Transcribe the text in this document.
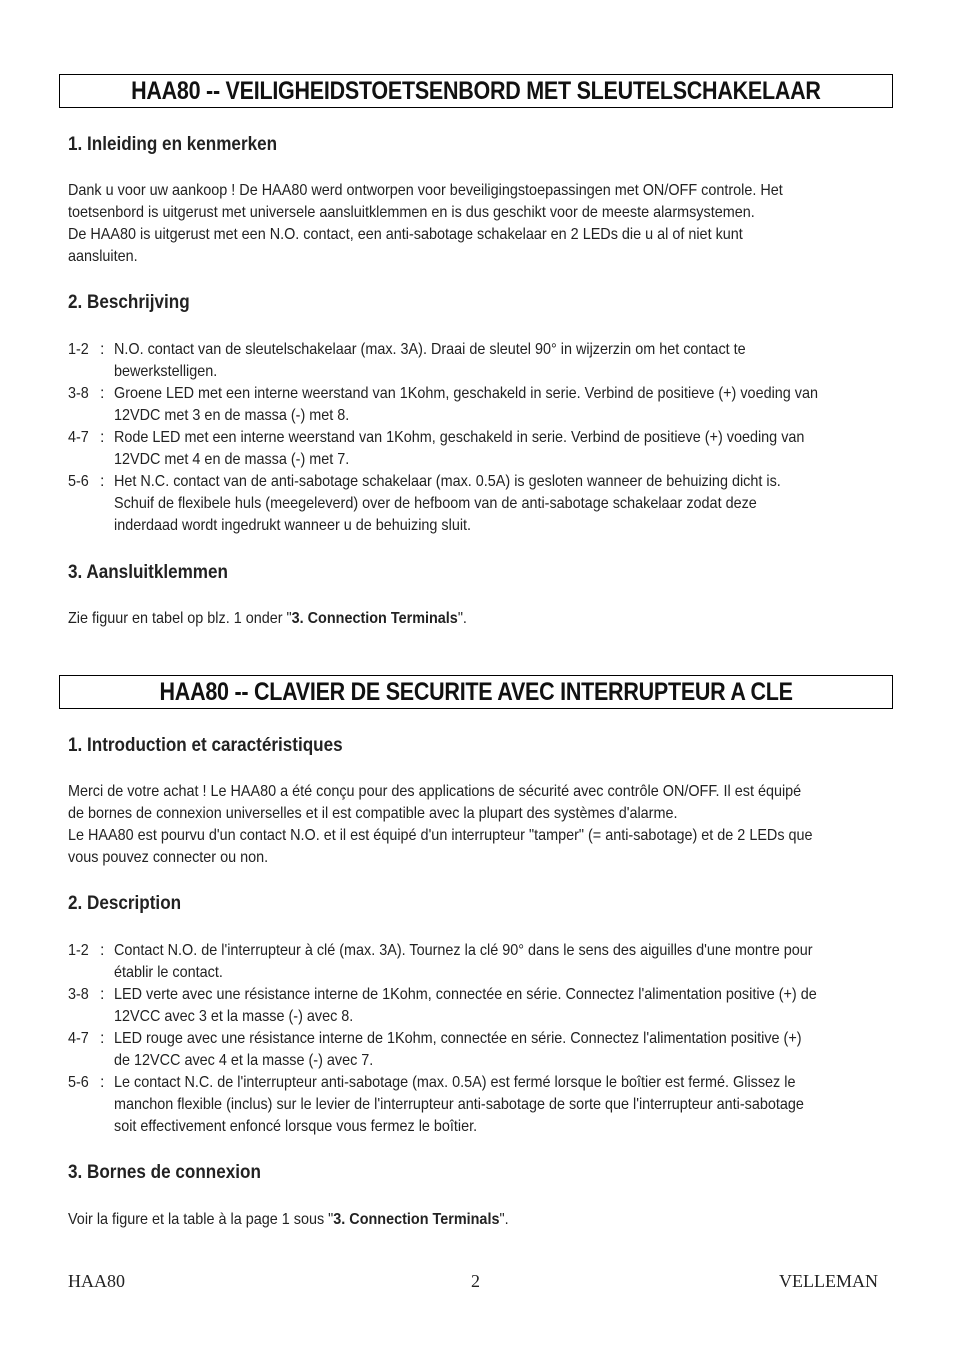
HAA80 -- VEILIGHEIDSTOETSENBORD MET SLEUTELSCHAKELAAR
1. Inleiding en kenmerken
Dank u voor uw aankoop ! De HAA80 werd ontworpen voor beveiligingstoepassingen met ON/OFF controle. Het
toetsenbord is uitgerust met universele aansluitklemmen en is dus geschikt voor de meeste alarmsystemen.
De HAA80 is uitgerust met een N.O. contact, een anti-sabotage schakelaar en 2 LEDs die u al of niet kunt
aansluiten.
2. Beschrijving
1-2 : N.O. contact van de sleutelschakelaar (max. 3A). Draai de sleutel 90° in wijzerzin om het contact te
bewerkstelligen.
3-8 : Groene LED met een interne weerstand van 1Kohm, geschakeld in serie. Verbind de positieve (+) voeding van
12VDC met 3 en de massa (-) met 8.
4-7 : Rode LED met een interne weerstand van 1Kohm, geschakeld in serie. Verbind de positieve (+) voeding van
12VDC met 4 en de massa (-) met 7.
5-6 : Het N.C. contact van de anti-sabotage schakelaar (max. 0.5A) is gesloten wanneer de behuizing dicht is.
Schuif de flexibele huls (meegeleverd) over de hefboom van de anti-sabotage schakelaar zodat deze
inderdaad wordt ingedrukt wanneer u de behuizing sluit.
3. Aansluitklemmen
Zie figuur en tabel op blz. 1 onder "3. Connection Terminals".
HAA80 -- CLAVIER DE SECURITE AVEC INTERRUPTEUR A CLE
1. Introduction et caractéristiques
Merci de votre achat ! Le HAA80 a été conçu pour des applications de sécurité avec contrôle ON/OFF. Il est équipé
de bornes de connexion universelles et il est compatible avec la plupart des systèmes d'alarme.
Le HAA80 est pourvu d'un contact N.O. et il est équipé d'un interrupteur "tamper" (= anti-sabotage) et de 2 LEDs que
vous pouvez connecter ou non.
2. Description
1-2 : Contact N.O. de l'interrupteur à clé (max. 3A). Tournez la clé 90° dans le sens des aiguilles d'une montre pour
établir le contact.
3-8 : LED verte avec une résistance interne de 1Kohm, connectée en série. Connectez l'alimentation positive (+) de
12VCC avec 3 et la masse (-) avec 8.
4-7 : LED rouge avec une résistance interne de 1Kohm, connectée en série. Connectez l'alimentation positive (+)
de 12VCC avec 4 et la masse (-) avec 7.
5-6 : Le contact N.C. de l'interrupteur anti-sabotage (max. 0.5A) est fermé lorsque le boîtier est fermé. Glissez le
manchon flexible (inclus) sur le levier de l'interrupteur anti-sabotage de sorte que l'interrupteur anti-sabotage
soit effectivement enfoncé lorsque vous fermez le boîtier.
3. Bornes de connexion
Voir la figure et la table à la page 1 sous "3. Connection Terminals".
HAA80	2	VELLEMAN
